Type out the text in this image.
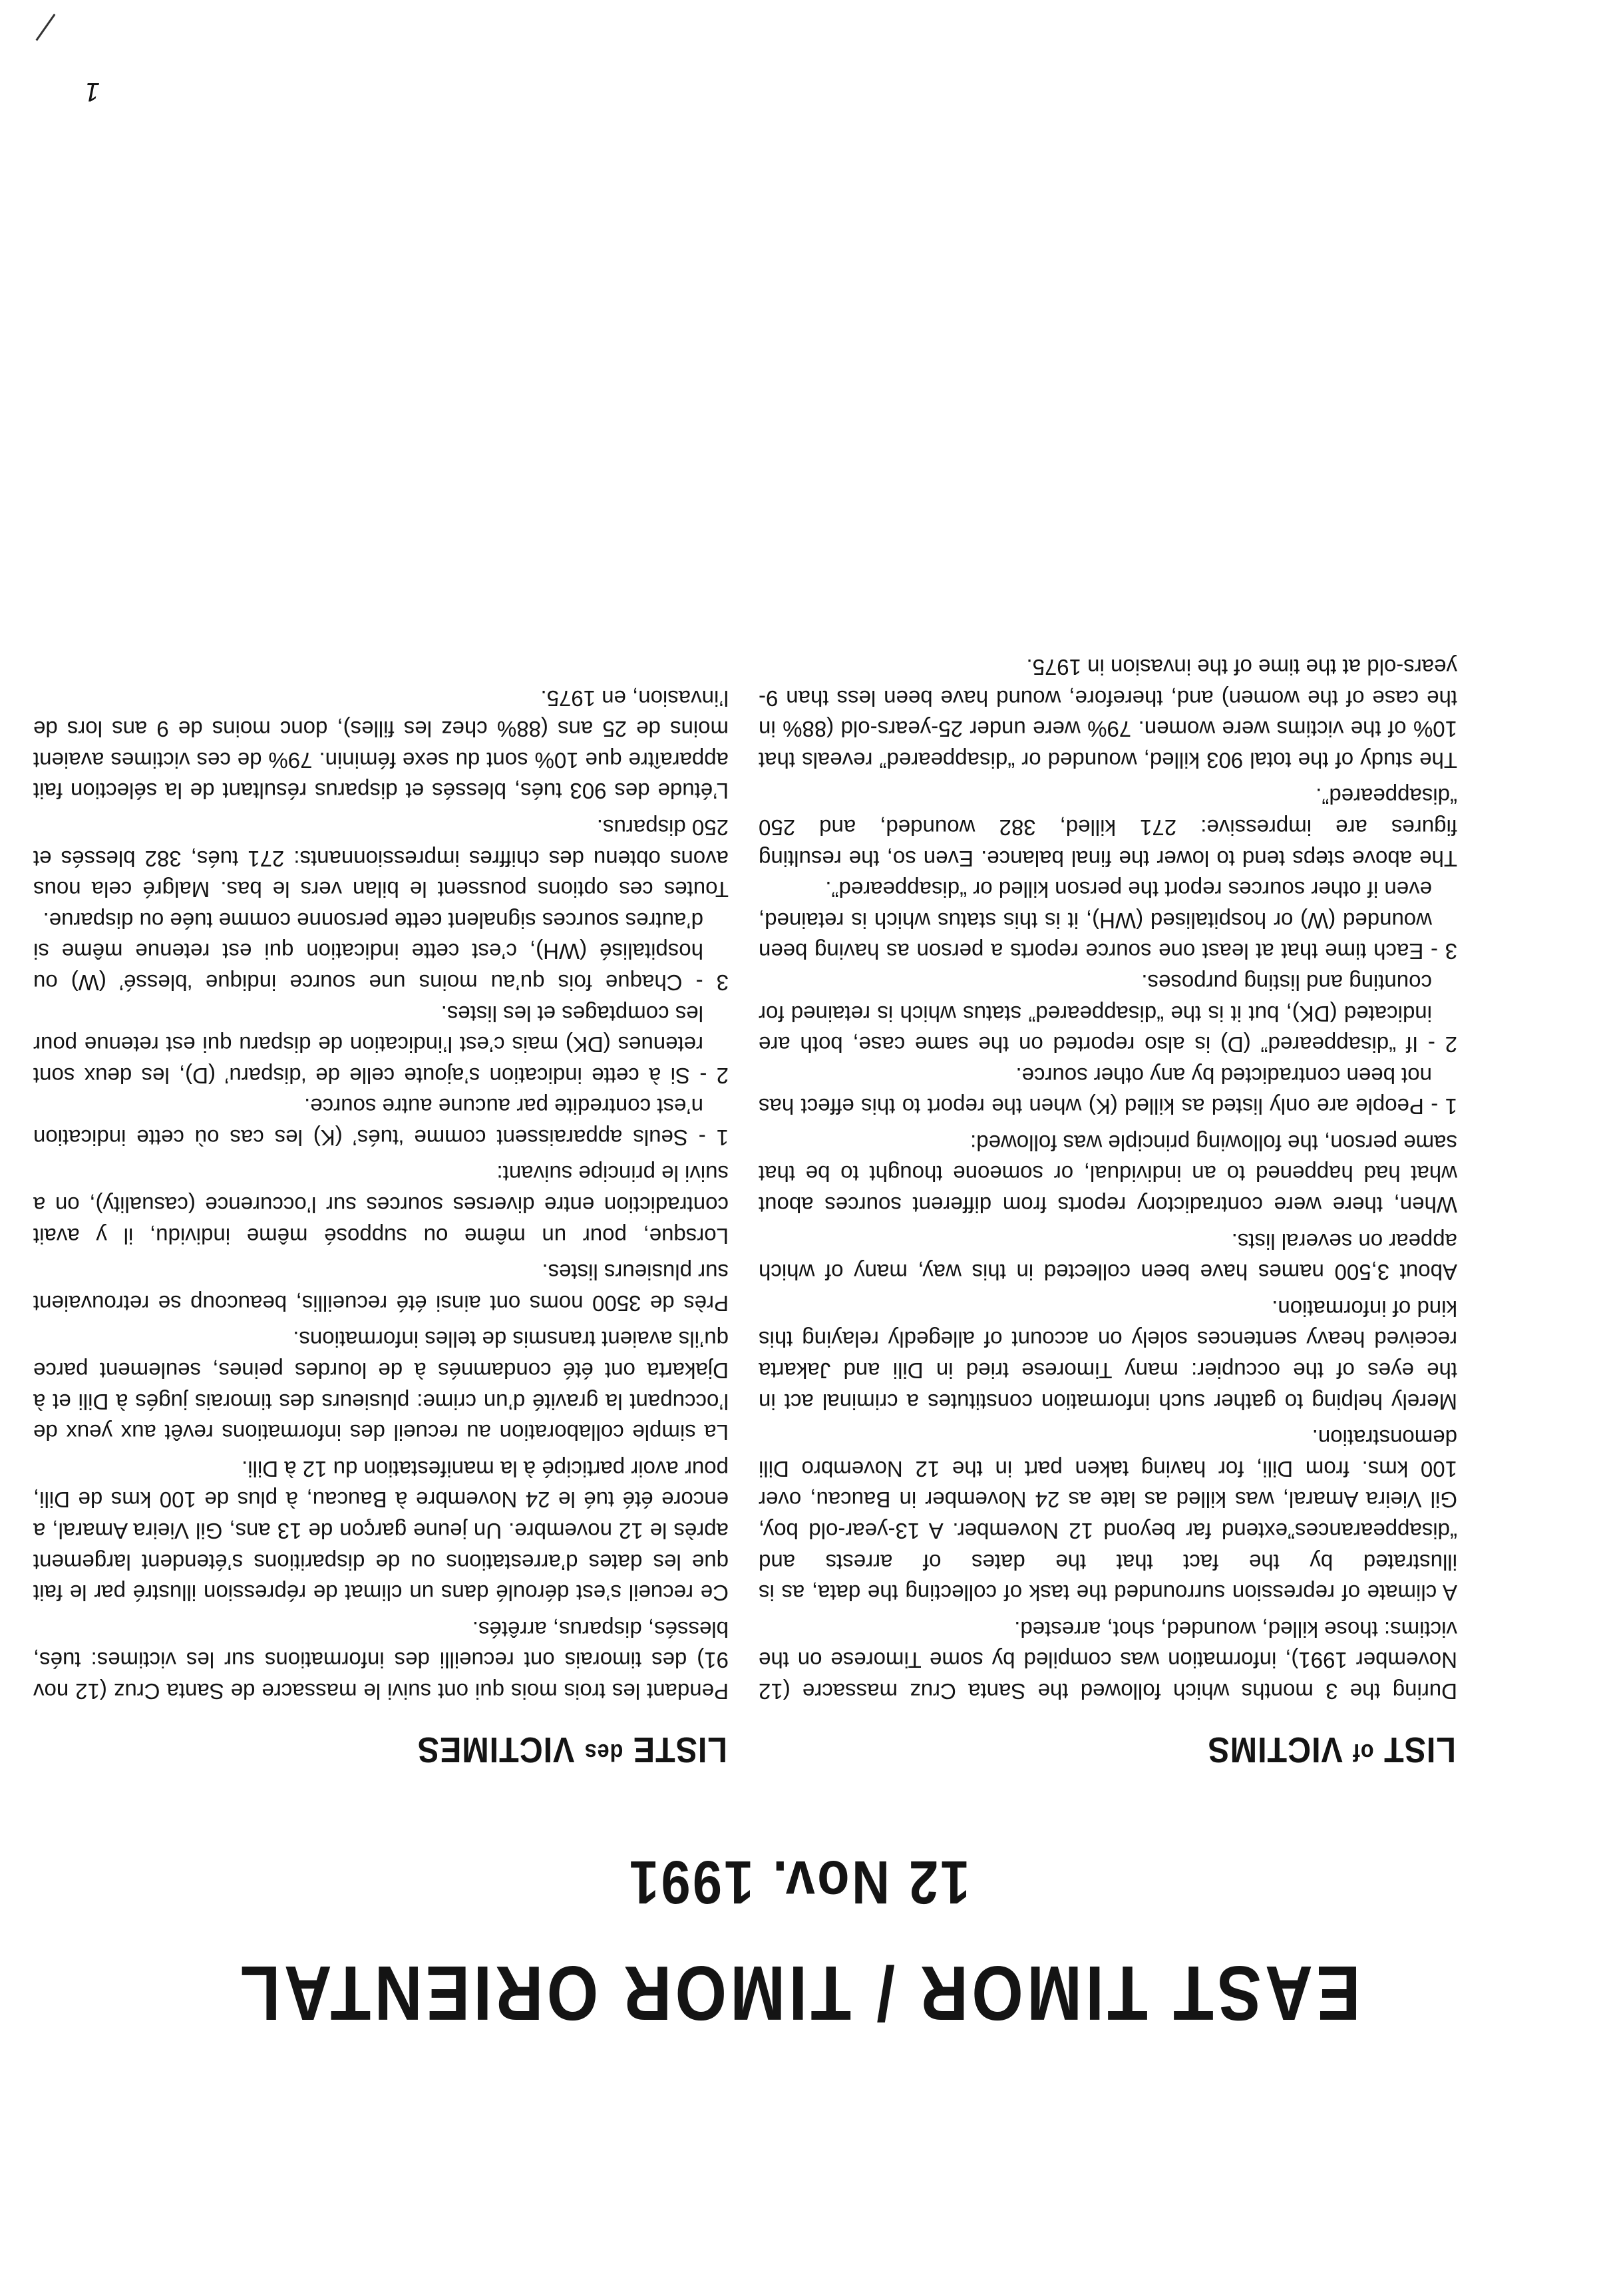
EAST TIMOR / TIMOR ORIENTAL
12 Nov. 1991
LIST of VICTIMS

During the 3 months which followed the Santa Cruz massacre (12 November 1991), information was compiled by some Timorese on the victims: those killed, wounded, shot, arrested.

A climate of repression surrounded the task of collecting the data, as is illustrated by the fact that the dates of arrests and “disappearances”extend far beyond 12 November. A 13-year-old boy, Gil Vieira Amaral, was killed as late as 24 November in Baucau, over 100 kms. from Dili, for having taken part in the 12 Novembro Dili demonstration.

Merely helping to gather such information constitutes a criminal act in the eyes of the occupier: many Timorese tried in Dili and Jakarta received heavy sentences solely on account of allegedly relaying this kind of information.

About 3,500 names have been collected in this way, many of which appear on several lists.

When, there were contradictory reports from different sources about what had happened to an individual, or someone thought to be that same person, the following principle was followed:

1 - People are only listed as killed (K) when the report to this effect has not been contradicted by any other source.

2 - If “disappeared” (D) is also reported on the same case, both are indicated (DK), but it is the “disappeared” status which is retained for counting and listing purposes.

3 - Each time that at least one source reports a person as having been wounded (W) or hospitalised (WH), it is this status which is retained, even if other sources report the person killed or “disappeared”.

The above steps tend to lower the final balance. Even so, the resulting figures are impressive: 271 killed, 382 wounded, and 250 “disappeared”.

The study of the total 903 killed, wounded or “disappeared” reveals that 10% of the victims were women. 79% were under 25-years-old (88% in the case of the women) and, therefore, wound have been less than 9-years-old at the time of the invasion in 1975.

LISTE des VICTIMES

Pendant les trois mois qui ont suivi le massacre de Santa Cruz (12 nov 91) des timorais ont recueilli des informations sur les victimes: tués, blessés, disparus, arrêtés.

Ce recueil s’est déroulé dans un climat de répression illustré par le fait que les dates d’arrestations ou de disparitions s’étendent largement après le 12 novembre. Un jeune garçon de 13 ans, Gil Vieira Amaral, a encore été tué le 24 Novembre à Baucau, à plus de 100 kms de Dili, pour avoir participé à la manifestation du 12 à Dili.

La simple collaboration au recueil des informations revêt aux yeux de l’occupant la gravité d’un crime: plusieurs des timorais jugés à Dili et à Djakarta ont été condamnés à de lourdes peines, seulement parce qu’ils avaient transmis de telles informations.

Près de 3500 noms ont ainsi été recueillis, beaucoup se retrouvaient sur plusieurs listes.

Lorsque, pour un même ou supposé même individu, il y avait contradiction entre diverses sources sur l’occurence (casuality), on a suivi le principe suivant:

1 - Seuls apparaissent comme ‘tués’ (K) les cas où cette indication n’est contredite par aucune autre source.

2 - Si à cette indication s’ajoute celle de ‘disparu’ (D), les deux sont retenues (DK) mais c’est l’indication de disparu qui est retenue pour les comptages et les listes.

3 - Chaque fois qu’au moins une source indique ‘blessé’ (W) ou hospitalisé (WH), c’est cette indication qui est retenue même si d’autres sources signalent cette personne comme tuée ou disparue.

Toutes ces options poussent le bilan vers le bas. Malgré cela nous avons obtenu des chiffres impressionnants: 271 tués, 382 blessés et 250 disparus.

L’étude des 903 tués, blessés et disparus résultant de la sélection fait apparaître que 10% sont du sexe féminin. 79% de ces victimes avaient moins de 25 ans (88% chez les filles), donc moins de 9 ans lors de l’invasion, en 1975.

1
